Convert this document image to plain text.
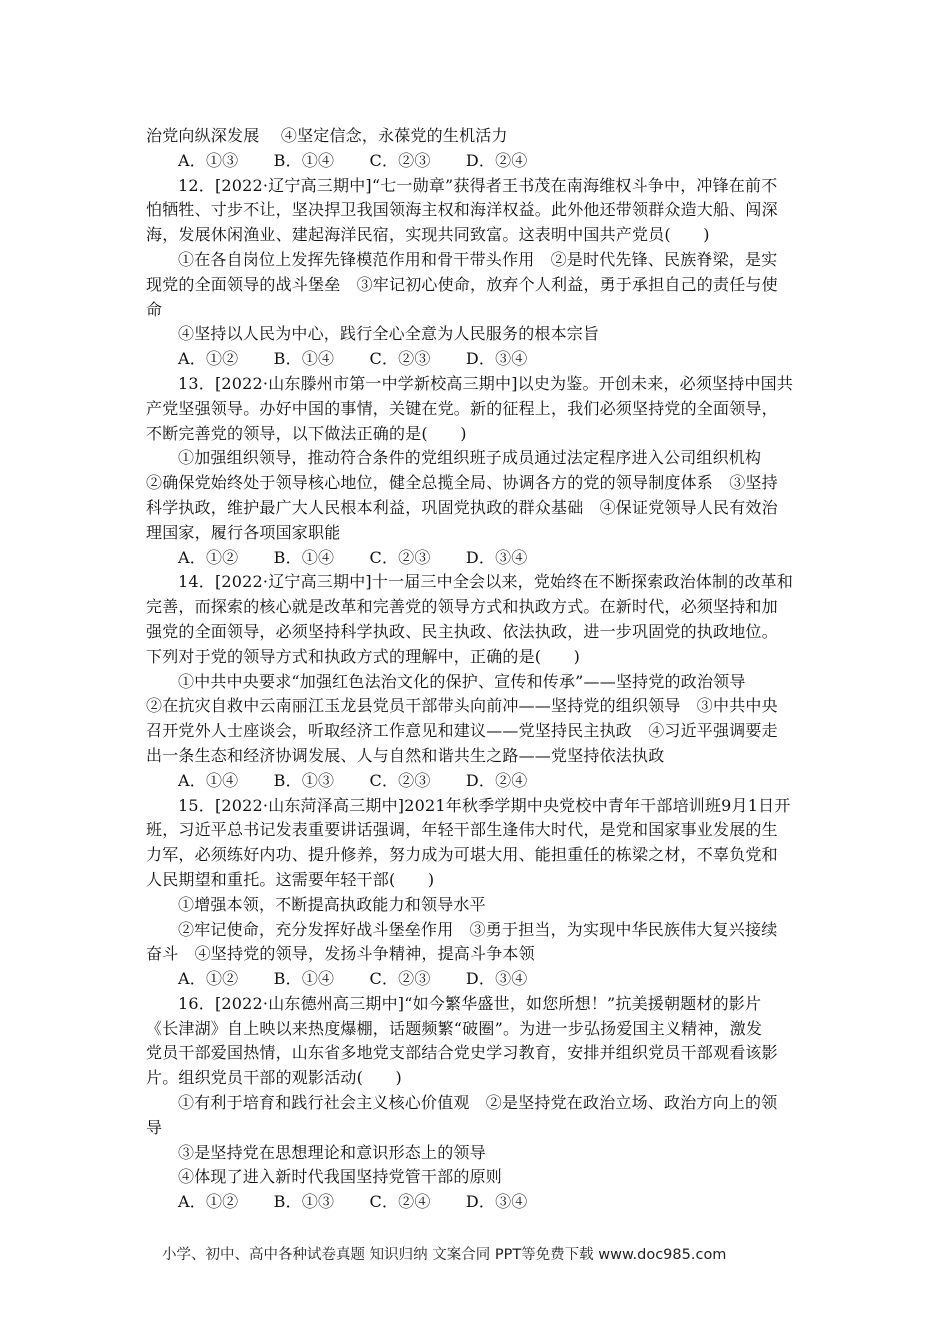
治党向纵深发展　 ④坚定信念，永葆党的生机活力
A．①③ B．①④ C．②③ D．②④
12．[2022·辽宁高三期中]“七一勋章”获得者王书茂在南海维权斗争中，冲锋在前不
怕牺牲、寸步不让，坚决捍卫我国领海主权和海洋权益。此外他还带领群众造大船、闯深
海，发展休闲渔业、建起海洋民宿，实现共同致富。这表明中国共产党员(　　)
①在各自岗位上发挥先锋模范作用和骨干带头作用　②是时代先锋、民族脊梁，是实
现党的全面领导的战斗堡垒　③牢记初心使命，放弃个人利益，勇于承担自己的责任与使
命
④坚持以人民为中心，践行全心全意为人民服务的根本宗旨
A．①② B．①④ C．②③ D．③④
13．[2022·山东滕州市第一中学新校高三期中]以史为鉴。开创未来，必须坚持中国共
产党坚强领导。办好中国的事情，关键在党。新的征程上，我们必须坚持党的全面领导，
不断完善党的领导，以下做法正确的是(　　)
①加强组织领导，推动符合条件的党组织班子成员通过法定程序进入公司组织机构
②确保党始终处于领导核心地位，健全总揽全局、协调各方的党的领导制度体系　③坚持
科学执政，维护最广大人民根本利益，巩固党执政的群众基础　④保证党领导人民有效治
理国家，履行各项国家职能
A．①② B．①④ C．②③ D．③④
14．[2022·辽宁高三期中]十一届三中全会以来，党始终在不断探索政治体制的改革和
完善，而探索的核心就是改革和完善党的领导方式和执政方式。在新时代，必须坚持和加
强党的全面领导，必须坚持科学执政、民主执政、依法执政，进一步巩固党的执政地位。
下列对于党的领导方式和执政方式的理解中，正确的是(　　)
①中共中央要求“加强红色法治文化的保护、宣传和传承”——坚持党的政治领导
②在抗灾自救中云南丽江玉龙县党员干部带头向前冲——坚持党的组织领导　③中共中央
召开党外人士座谈会，听取经济工作意见和建议——党坚持民主执政　④习近平强调要走
出一条生态和经济协调发展、人与自然和谐共生之路——党坚持依法执政
A．①④ B．①③ C．②③ D．②④
15．[2022·山东菏泽高三期中]2021年秋季学期中央党校中青年干部培训班9月1日开
班，习近平总书记发表重要讲话强调，年轻干部生逢伟大时代，是党和国家事业发展的生
力军，必须练好内功、提升修养，努力成为可堪大用、能担重任的栋梁之材，不辜负党和
人民期望和重托。这需要年轻干部(　　)
①增强本领，不断提高执政能力和领导水平
②牢记使命，充分发挥好战斗堡垒作用　③勇于担当，为实现中华民族伟大复兴接续
奋斗　④坚持党的领导，发扬斗争精神，提高斗争本领
A．①② B．①④ C．②③ D．③④
16．[2022·山东德州高三期中]“如今繁华盛世，如您所想！”抗美援朝题材的影片
《长津湖》自上映以来热度爆棚，话题频繁“破圈”。为进一步弘扬爱国主义精神，激发
党员干部爱国热情，山东省多地党支部结合党史学习教育，安排并组织党员干部观看该影
片。组织党员干部的观影活动(　　)
①有利于培育和践行社会主义核心价值观　②是坚持党在政治立场、政治方向上的领
导
③是坚持党在思想理论和意识形态上的领导
④体现了进入新时代我国坚持党管干部的原则
A．①② B．①③ C．②④ D．③④
小学、初中、高中各种试卷真题 知识归纳 文案合同 PPT等免费下载 www.doc985.com
